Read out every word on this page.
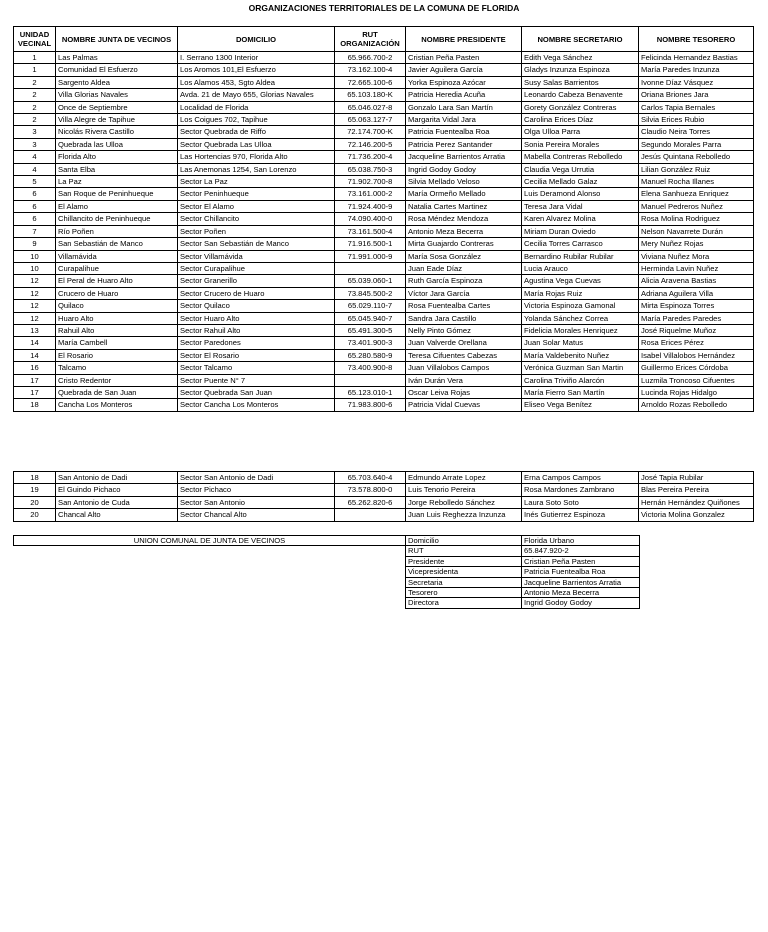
ORGANIZACIONES TERRITORIALES DE LA COMUNA DE FLORIDA
UNIDAD VECINAL	NOMBRE JUNTA DE VECINOS	DOMICILIO	RUT ORGANIZACIÓN	NOMBRE PRESIDENTE	NOMBRE SECRETARIO	NOMBRE TESORERO
1	Las Palmas	I. Serrano 1300 Interior	65.966.700-2	Cristian Peña Pasten	Edith Vega Sánchez	Felicinda Hernandez Bastias
1	Comunidad El Esfuerzo	Los Aromos 101,El Esfuerzo	73.162.100-4	Javier Aguilera García	Gladys Inzunza Espinoza	María Paredes Inzunza
2	Sargento Aldea	Los Alamos 453, Sgto Aldea	72.665.100-6	Yorka Espinoza Azócar	Susy Salas Barrientos	Ivonne Díaz Vásquez
2	Villa Glorias Navales	Avda. 21 de Mayo 655, Glorias Navales	65.103.180-K	Patricia Heredia Acuña	Leonardo Cabeza Benavente	Oriana Briones Jara
2	Once de Septiembre	Localidad de Florida	65.046.027-8	Gonzalo Lara San Martín	Gorety González Contreras	Carlos Tapia Bernales
2	Villa Alegre de Tapihue	Los Coigues 702, Tapihue	65.063.127-7	Margarita Vidal Jara	Carolina Erices Díaz	Silvia Erices Rubio
3	Nicolás Rivera Castillo	Sector Quebrada de Riffo	72.174.700-K	Patricia Fuentealba Roa	Olga Ulloa Parra	Claudio Neira Torres
3	Quebrada las Ulloa	Sector Quebrada Las Ulloa	72.146.200-5	Patricia Perez Santander	Sonia Pereira Morales	Segundo Morales Parra
4	Florida Alto	Las Hortencias 970, Florida Alto	71.736.200-4	Jacqueline Barrientos Arratia	Mabella Contreras Rebolledo	Jesús Quintana Rebolledo
4	Santa Elba	Las Anemonas 1254, San Lorenzo	65.038.750-3	Ingrid Godoy Godoy	Claudia Vega Urrutia	Lilian González Ruiz
5	La Paz	Sector La Paz	71.902.700-8	Silvia Mellado Veloso	Cecilia Mellado Galaz	Manuel Rocha Illanes
6	San Roque de Peninhueque	Sector Peninhueque	73.161.000-2	María Ormeño Mellado	Luis Deramond Alonso	Elena Sanhueza Enriquez
6	El Alamo	Sector El Alamo	71.924.400-9	Natalia Cartes Martinez	Teresa Jara Vidal	Manuel Pedreros Nuñez
6	Chillancito de Peninhueque	Sector Chillancito	74.090.400-0	Rosa Méndez Mendoza	Karen Alvarez Molina	Rosa Molina Rodriguez
7	Río Poñen	Sector Poñen	73.161.500-4	Antonio Meza Becerra	Miriam Duran Oviedo	Nelson Navarrete Durán
9	San Sebastián de Manco	Sector San Sebastián de Manco	71.916.500-1	Mirta Guajardo Contreras	Cecilia Torres Carrasco	Mery Nuñez Rojas
10	Villamávida	Sector Villamávida	71.991.000-9	María Sosa González	Bernardino Rubilar Rubilar	Viviana Nuñez Mora
10	Curapalihue	Sector Curapalihue		Juan Eade Díaz	Lucia Arauco	Herminda Lavin Nuñez
12	El Peral de Huaro Alto	Sector Granerillo	65.039.060-1	Ruth García Espinoza	Agustina Vega Cuevas	Alicia Aravena Bastias
12	Crucero de Huaro	Sector Crucero de Huaro	73.845.500-2	Víctor Jara García	María Rojas Ruiz	Adriana Aguilera Villa
12	Quilaco	Sector Quilaco	65.029.110-7	Rosa Fuentealba Cartes	Victoria Espinoza Gamonal	Mirta Espinoza Torres
12	Huaro Alto	Sector Huaro Alto	65.045.940-7	Sandra Jara Castillo	Yolanda Sánchez Correa	María Paredes Paredes
13	Rahuil Alto	Sector Rahuil Alto	65.491.300-5	Nelly Pinto Gómez	Fidelicia Morales Henriquez	José Riquelme Muñoz
14	María Cambell	Sector Paredones	73.401.900-3	Juan Valverde Orellana	Juan Solar Matus	Rosa Erices Pérez
14	El Rosario	Sector El Rosario	65.280.580-9	Teresa Cifuentes Cabezas	María Valdebenito Nuñez	Isabel Villalobos Hernández
16	Talcamo	Sector Talcamo	73.400.900-8	Juan Villalobos Campos	Verónica Guzman San Martin	Guillermo Erices Córdoba
17	Cristo Redentor	Sector Puente N° 7		Iván Durán Vera	Carolina Triviño Alarcón	Luzmila Troncoso Cifuentes
17	Quebrada de San Juan	Sector Quebrada San Juan	65.123.010-1	Oscar Leiva Rojas	María Fierro San Martín	Lucinda Rojas Hidalgo
18	Cancha Los Monteros	Sector Cancha Los Monteros	71.983.800-6	Patricia Vidal Cuevas	Eliseo Vega Benítez	Arnoldo Rozas Rebolledo
18	San Antonio de Dadi	Sector San Antonio de Dadi	65.703.640-4	Edmundo Arrate Lopez	Erna Campos Campos	José Tapia Rubilar
19	El Guindo Pichaco	Sector Pichaco	73.578.800-0	Luis Tenorio Pereira	Rosa Mardones Zambrano	Blas Pereira Pereira
20	San Antonio de Cuda	Sector San Antonio	65.262.820-6	Jorge Rebolledo Sánchez	Laura Soto Soto	Hernán Hernández Quiñones
20	Chancal Alto	Sector Chancal Alto		Juan Luis Reghezza Inzunza	Inés Gutierrez Espinoza	Victoria Molina Gonzalez
UNION COMUNAL DE JUNTA DE VECINOS	Domicilio	Florida Urbano
	RUT	65.847.920-2
	Presidente	Cristian Peña Pasten
	Vicepresidenta	Patricia Fuentealba Roa
	Secretaria	Jacqueline Barrientos Arratia
	Tesorero	Antonio Meza Becerra
	Directora	Ingrid Godoy Godoy
